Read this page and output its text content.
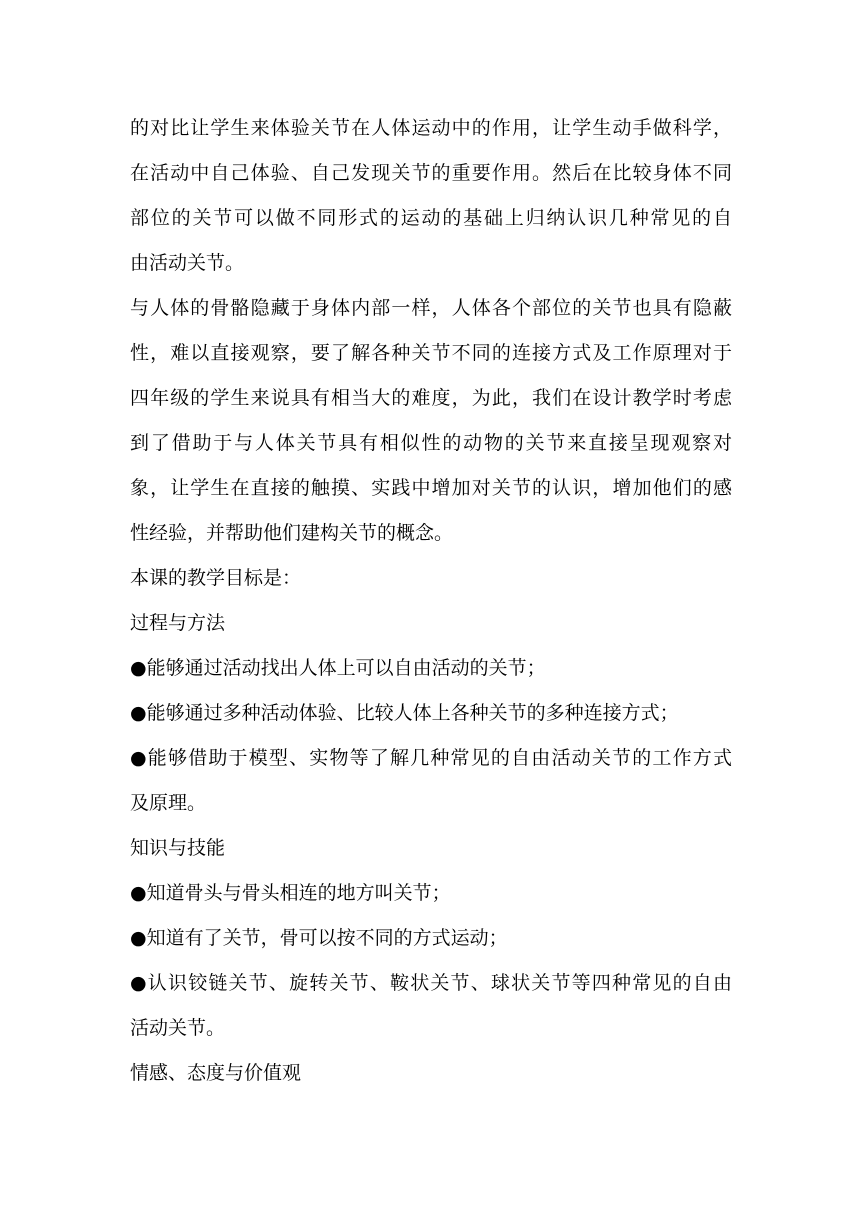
的对比让学生来体验关节在人体运动中的作用，让学生动手做科学，
在活动中自己体验、自己发现关节的重要作用。然后在比较身体不同
部位的关节可以做不同形式的运动的基础上归纳认识几种常见的自
由活动关节。
与人体的骨骼隐藏于身体内部一样，人体各个部位的关节也具有隐蔽
性，难以直接观察，要了解各种关节不同的连接方式及工作原理对于
四年级的学生来说具有相当大的难度，为此，我们在设计教学时考虑
到了借助于与人体关节具有相似性的动物的关节来直接呈现观察对
象，让学生在直接的触摸、实践中增加对关节的认识，增加他们的感
性经验，并帮助他们建构关节的概念。
本课的教学目标是：
过程与方法
●能够通过活动找出人体上可以自由活动的关节；
●能够通过多种活动体验、比较人体上各种关节的多种连接方式；
●能够借助于模型、实物等了解几种常见的自由活动关节的工作方式
及原理。
知识与技能
●知道骨头与骨头相连的地方叫关节；
●知道有了关节，骨可以按不同的方式运动；
●认识铰链关节、旋转关节、鞍状关节、球状关节等四种常见的自由
活动关节。
情感、态度与价值观
